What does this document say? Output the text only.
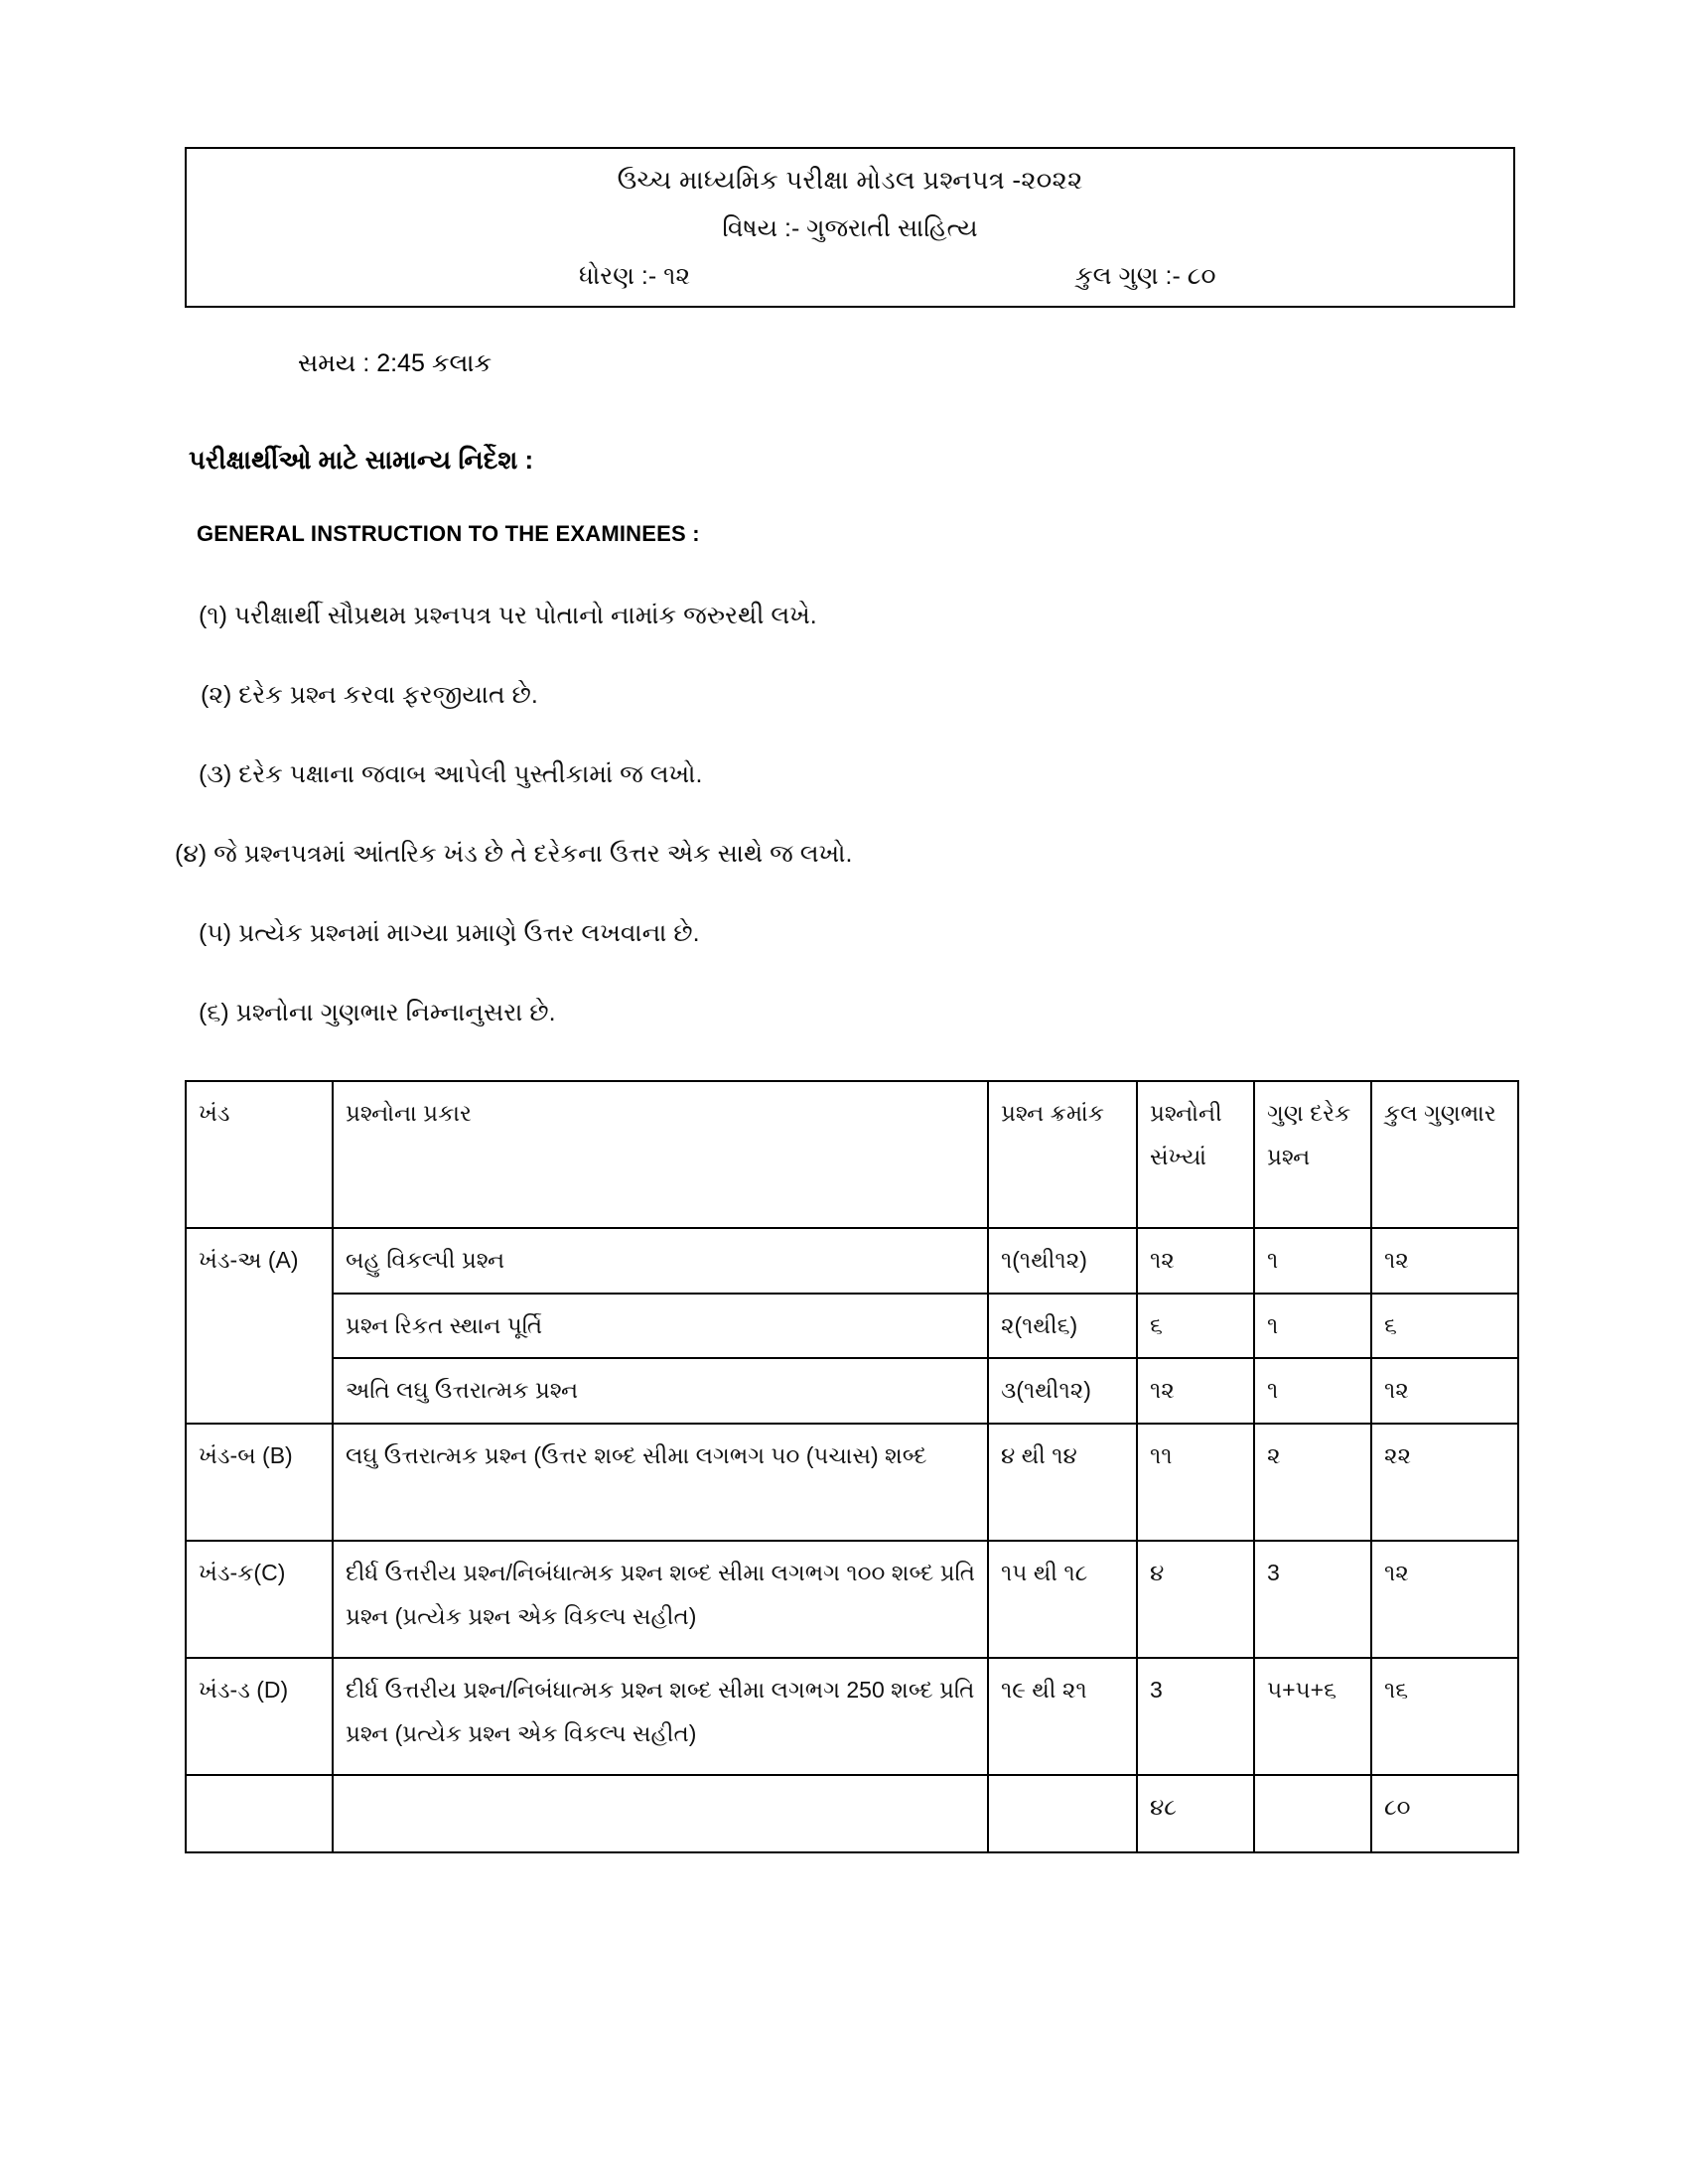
ઉચ્ચ માધ્યમિક પરીક્ષા મોડલ પ્રશ્નપત્ર -૨૦૨૨
વિષય :- ગુજરાતી સાહિત્ય
ધોરણ :- ૧૨	કુલ ગુણ :- ૮૦
સમય : 2:45 કલાક
પરીક્ષાર્થીઓ માટે સામાન્ય નિર્દેશ :
GENERAL INSTRUCTION TO THE EXAMINEES :
(૧) પરીક્ષાર્થી સૌપ્રથમ પ્રશ્નપત્ર પર પોતાનો નામાંક જરુરથી લખે.
(૨) દરેક પ્રશ્ન કરવા ફરજીયાત છે.
(૩) દરેક પક્ષાના જવાબ આપેલી પુસ્તીકામાં જ લખો.
(૪) જે પ્રશ્નપત્રમાં આંતરિક ખંડ છે તે દરેકના ઉત્તર એક સાથે જ લખો.
(૫) પ્રત્યેક પ્રશ્નમાં માગ્યા પ્રમાણે ઉત્તર લખવાના છે.
(૬) પ્રશ્નોના ગુણભાર નિમ્નાનુસરા છે.
ખંડ	પ્રશ્નોના પ્રકાર	પ્રશ્ન ક્રમાંક	પ્રશ્નોની સંખ્યાં	ગુણ દરેક પ્રશ્ન	કુલ ગુણભાર
ખંડ-અ (A)	બહુ વિકલ્પી પ્રશ્ન	૧(૧થી૧૨)	૧૨	૧	૧૨
	પ્રશ્ન રિકત સ્થાન પૂર્તિ	૨(૧થી૬)	૬	૧	૬
	અતિ લઘુ ઉત્તરાત્મક પ્રશ્ન	૩(૧થી૧૨)	૧૨	૧	૧૨
ખંડ-બ (B)	લઘુ ઉત્તરાત્મક પ્રશ્ન (ઉત્તર શબ્દ સીમા લગભગ ૫૦ (પચાસ) શબ્દ	૪ થી ૧૪	૧૧	૨	૨૨
ખંડ-ક(C)	દીર્ધ ઉત્તરીય પ્રશ્ન/નિબંધાત્મક પ્રશ્ન શબ્દ સીમા લગભગ ૧૦૦ શબ્દ પ્રતિ પ્રશ્ન (પ્રત્યેક પ્રશ્ન એક વિકલ્પ સહીત)	૧૫ થી ૧૮	૪	3	૧૨
ખંડ-ડ (D)	દીર્ધ ઉત્તરીય પ્રશ્ન/નિબંધાત્મક પ્રશ્ન શબ્દ સીમા લગભગ 250 શબ્દ પ્રતિ પ્રશ્ન (પ્રત્યેક પ્રશ્ન એક વિકલ્પ સહીત)	૧૯ થી ૨૧	3	૫+૫+૬	૧૬
			૪૮		૮૦
